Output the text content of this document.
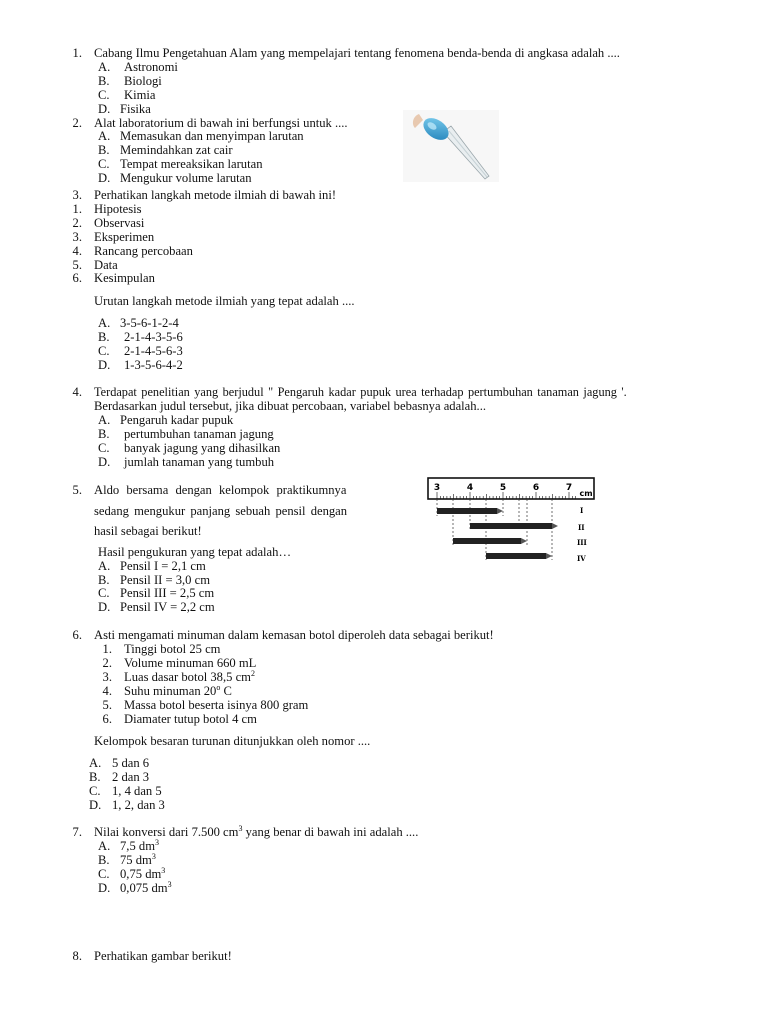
1. Cabang Ilmu Pengetahuan Alam yang mempelajari tentang fenomena benda-benda di angkasa adalah ....
A. Astronomi
B.	Biologi
C.	Kimia
D. Fisika
2. Alat laboratorium di bawah ini berfungsi untuk ....
A. Memasukan dan menyimpan larutan
B. Memindahkan zat cair
C. Tempat mereaksikan larutan
D. Mengukur volume larutan
3. Perhatikan langkah metode ilmiah di bawah ini!
1. Hipotesis
2. Observasi
3. Eksperimen
4. Rancang percobaan
5. Data
6. Kesimpulan
Urutan langkah metode ilmiah yang tepat adalah ....
A. 3-5-6-1-2-4
B.	2-1-4-3-5-6
C.	2-1-4-5-6-3
D. 1-3-5-6-4-2
4. Terdapat penelitian yang berjudul " Pengaruh kadar pupuk urea terhadap pertumbuhan tanaman jagung '.
Berdasarkan judul tersebut, jika dibuat percobaan, variabel bebasnya adalah...
A. Pengaruh kadar pupuk
B.	pertumbuhan tanaman jagung
C.	banyak jagung yang dihasilkan
D. jumlah tanaman yang tumbuh
5. Aldo bersama dengan kelompok praktikumnya
sedang mengukur panjang sebuah pensil dengan
hasil sebagai berikut!
Hasil pengukuran yang tepat adalah…
A. Pensil I = 2,1 cm
B. Pensil II = 3,0 cm
C. Pensil III = 2,5 cm
D. Pensil IV = 2,2 cm
3	4	5	6	7
cm
I
II
III
IV
6. Asti mengamati minuman dalam kemasan botol diperoleh data sebagai berikut!
1. Tinggi botol 25 cm
2. Volume minuman 660 mL
3. Luas dasar botol 38,5 $cm^2$
4. Suhu minuman 20$^o$ C
5. Massa botol beserta isinya 800 gram
6. Diamater tutup botol 4 cm
Kelompok besaran turunan ditunjukkan oleh nomor ....
A. 5 dan 6
B. 2 dan 3
C. 1, 4 dan 5
D. 1, 2, dan 3
7. Nilai konversi dari 7.500 $cm^3$ yang benar di bawah ini adalah ....
A. 7,5 $dm^3$
B. 75 $dm^3$
C. 0,75 $dm^3$
D. 0,075 $dm^3$
8. Perhatikan gambar berikut!
